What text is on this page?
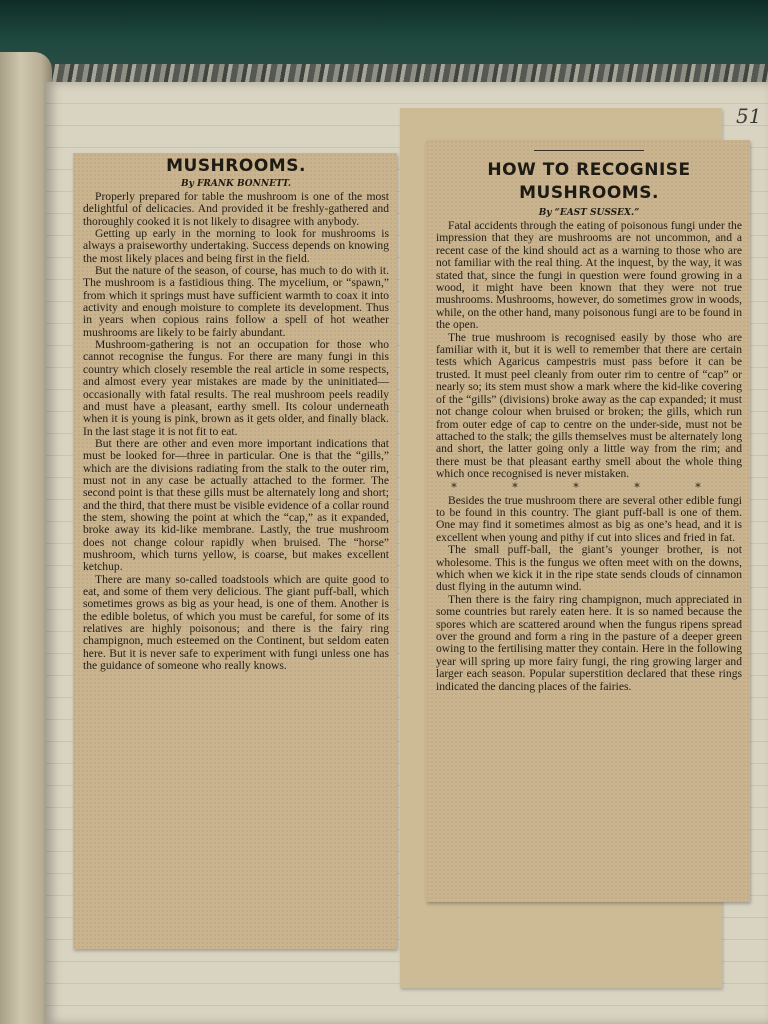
51
MUSHROOMS.
By FRANK BONNETT.

Properly prepared for table the mushroom is one of the most delightful of delicacies. And provided it be freshly-gathered and thoroughly cooked it is not likely to disagree with anybody.

Getting up early in the morning to look for mushrooms is always a praiseworthy undertaking. Success depends on knowing the most likely places and being first in the field.

But the nature of the season, of course, has much to do with it. The mushroom is a fastidious thing. The mycelium, or “spawn,” from which it springs must have sufficient warmth to coax it into activity and enough moisture to complete its development. Thus in years when copious rains follow a spell of hot weather mushrooms are likely to be fairly abundant.

Mushroom-gathering is not an occupation for those who cannot recognise the fungus. For there are many fungi in this country which closely resemble the real article in some respects, and almost every year mistakes are made by the uninitiated—occasionally with fatal results. The real mushroom peels readily and must have a pleasant, earthy smell. Its colour underneath when it is young is pink, brown as it gets older, and finally black. In the last stage it is not fit to eat.

But there are other and even more important indications that must be looked for—three in particular. One is that the “gills,” which are the divisions radiating from the stalk to the outer rim, must not in any case be actually attached to the former. The second point is that these gills must be alternately long and short; and the third, that there must be visible evidence of a collar round the stem, showing the point at which the “cap,” as it expanded, broke away its kid-like membrane. Lastly, the true mushroom does not change colour rapidly when bruised. The “horse” mushroom, which turns yellow, is coarse, but makes excellent ketchup.

There are many so-called toadstools which are quite good to eat, and some of them very delicious. The giant puff-ball, which sometimes grows as big as your head, is one of them. Another is the edible boletus, of which you must be careful, for some of its relatives are highly poisonous; and there is the fairy ring champignon, much esteemed on the Continent, but seldom eaten here. But it is never safe to experiment with fungi unless one has the guidance of someone who really knows.

HOW TO RECOGNISE MUSHROOMS.
By “EAST SUSSEX.”

Fatal accidents through the eating of poisonous fungi under the impression that they are mushrooms are not uncommon, and a recent case of the kind should act as a warning to those who are not familiar with the real thing. At the inquest, by the way, it was stated that, since the fungi in question were found growing in a wood, it might have been known that they were not true mushrooms. Mushrooms, however, do sometimes grow in woods, while, on the other hand, many poisonous fungi are to be found in the open.

The true mushroom is recognised easily by those who are familiar with it, but it is well to remember that there are certain tests which Agaricus campestris must pass before it can be trusted. It must peel cleanly from outer rim to centre of “cap” or nearly so; its stem must show a mark where the kid-like covering of the “gills” (divisions) broke away as the cap expanded; it must not change colour when bruised or broken; the gills, which run from outer edge of cap to centre on the under-side, must not be attached to the stalk; the gills themselves must be alternately long and short, the latter going only a little way from the rim; and there must be that pleasant earthy smell about the whole thing which once recognised is never mistaken.

* * * * *

Besides the true mushroom there are several other edible fungi to be found in this country. The giant puff-ball is one of them. One may find it sometimes almost as big as one’s head, and it is excellent when young and pithy if cut into slices and fried in fat.

The small puff-ball, the giant’s younger brother, is not wholesome. This is the fungus we often meet with on the downs, which when we kick it in the ripe state sends clouds of cinnamon dust flying in the autumn wind.

Then there is the fairy ring champignon, much appreciated in some countries but rarely eaten here. It is so named because the spores which are scattered around when the fungus ripens spread over the ground and form a ring in the pasture of a deeper green owing to the fertilising matter they contain. Here in the following year will spring up more fairy fungi, the ring growing larger and larger each season. Popular superstition declared that these rings indicated the dancing places of the fairies.
